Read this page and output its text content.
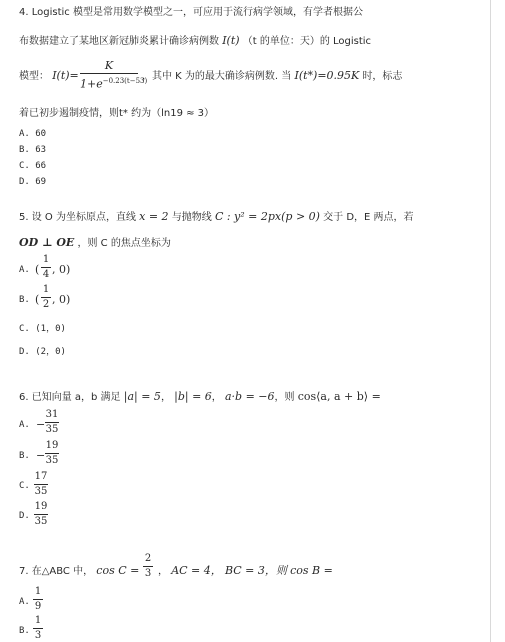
4. Logistic 模型是常用数学模型之一，可应用于流行病学领域，有学者根据公
布数据建立了某地区新冠肺炎累计确诊病例数 I(t) （t 的单位：天）的 Logistic
模型： I(t)=
K
$1+e^{-0.23(t-53)}$
，其中 K 为的最大确诊病例数. 当 I(t*)=0.95K 时，标志
着已初步遏制疫情，则t* 约为（ln19 ≈ 3）
A. 60
B. 63
C. 66
D. 69
5. 设 O 为坐标原点，直线 x = 2 与抛物线 C : y² = 2px(p > 0) 交于 D，E 两点，若
OD ⊥ OE ，则 C 的焦点坐标为
A. (
1
4 , 0)
B. (
1
2 , 0)
C. (1，0)
D. (2，0)
6. 已知向量 a，b 满足 |a| = 5， |b| = 6， a·b = −6，则 cos⟨a, a + b⟩ =
A. −
31
35
B. −
19
35
C.
17
35
D.
19
35
7. 在△ABC 中， cos C =
2
3 ， AC = 4， BC = 3，则 cos B =
A.
1
9
B.
1
3
